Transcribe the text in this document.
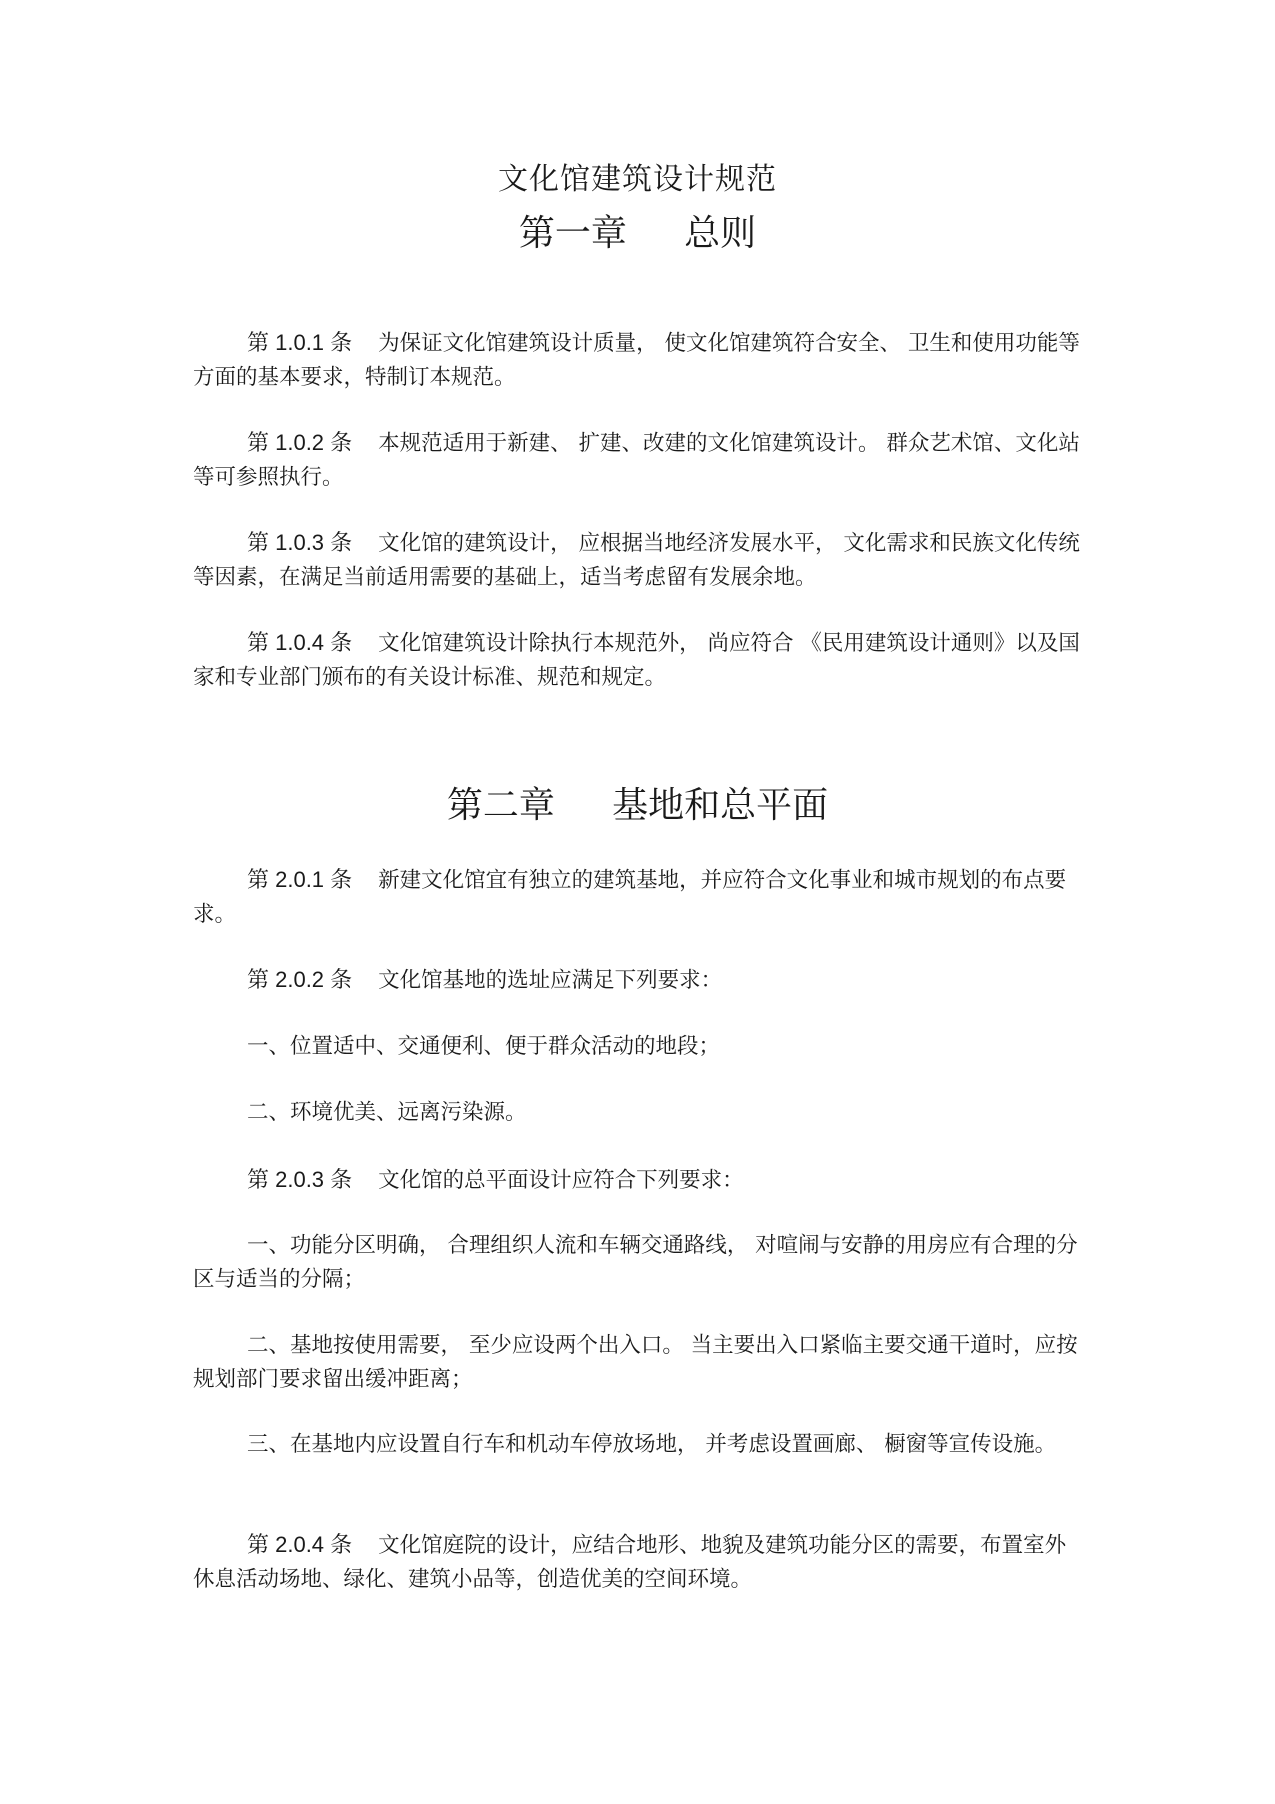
文化馆建筑设计规范
第一章     总则

第 1.0.1 条 为保证文化馆建筑设计质量， 使文化馆建筑符合安全、 卫生和使用功能等方面的基本要求，特制订本规范。

第 1.0.2 条 本规范适用于新建、 扩建、改建的文化馆建筑设计。 群众艺术馆、文化站等可参照执行。

第 1.0.3 条 文化馆的建筑设计， 应根据当地经济发展水平， 文化需求和民族文化传统等因素，在满足当前适用需要的基础上，适当考虑留有发展余地。

第 1.0.4 条 文化馆建筑设计除执行本规范外， 尚应符合 《民用建筑设计通则》以及国家和专业部门颁布的有关设计标准、规范和规定。

第二章     基地和总平面

第 2.0.1 条 新建文化馆宜有独立的建筑基地，并应符合文化事业和城市规划的布点要求。

第 2.0.2 条 文化馆基地的选址应满足下列要求：

一、位置适中、交通便利、便于群众活动的地段；

二、环境优美、远离污染源。

第 2.0.3 条 文化馆的总平面设计应符合下列要求：

一、功能分区明确， 合理组织人流和车辆交通路线， 对喧闹与安静的用房应有合理的分区与适当的分隔；

二、基地按使用需要， 至少应设两个出入口。 当主要出入口紧临主要交通干道时，应按规划部门要求留出缓冲距离；

三、在基地内应设置自行车和机动车停放场地， 并考虑设置画廊、 橱窗等宣传设施。

第 2.0.4 条 文化馆庭院的设计，应结合地形、地貌及建筑功能分区的需要，布置室外休息活动场地、绿化、建筑小品等，创造优美的空间环境。
